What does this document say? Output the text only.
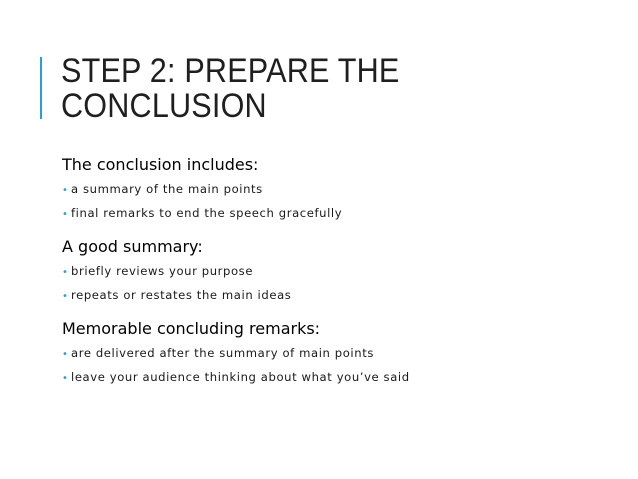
STEP 2: PREPARE THE CONCLUSION

The conclusion includes:

• a summary of the main points
• final remarks to end the speech gracefully

A good summary:

• briefly reviews your purpose
• repeats or restates the main ideas

Memorable concluding remarks:

• are delivered after the summary of main points
• leave your audience thinking about what you’ve said
